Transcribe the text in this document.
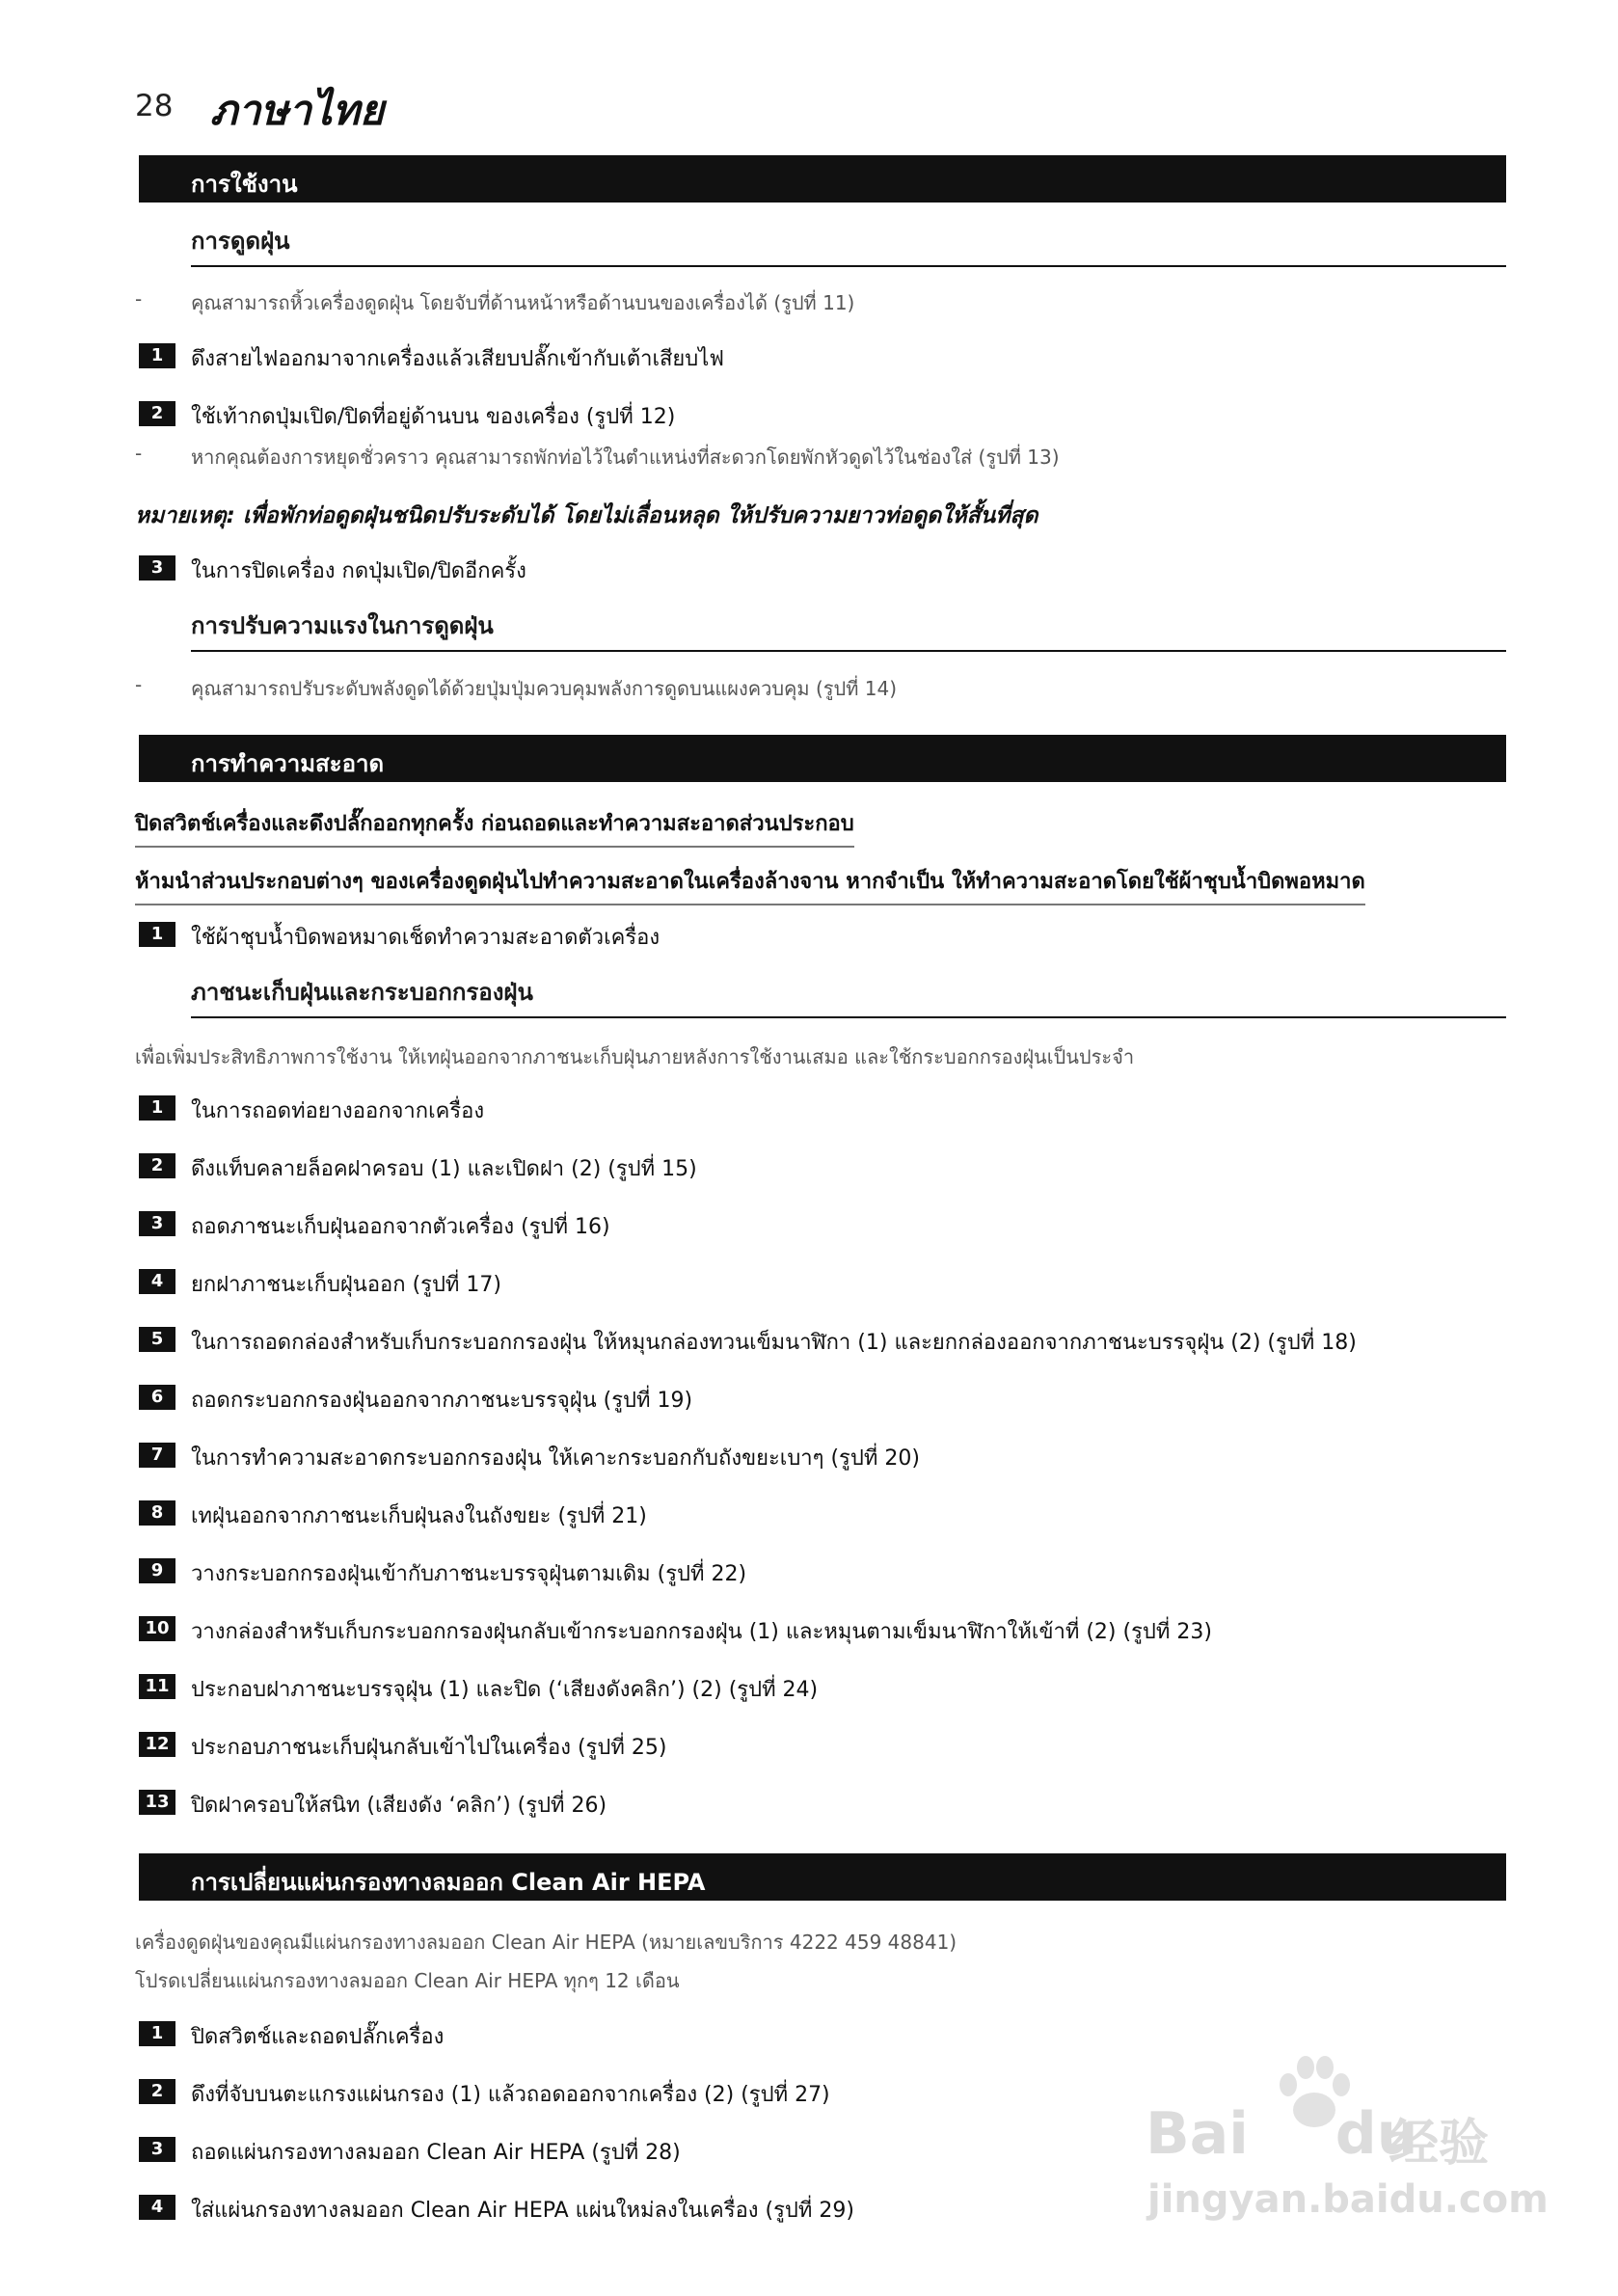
28 ภาษาไทย
การใช้งาน
การดูดฝุ่น
-	คุณสามารถหิ้วเครื่องดูดฝุ่น โดยจับที่ด้านหน้าหรือด้านบนของเครื่องได้ (รูปที่ 11)
1	ดึงสายไฟออกมาจากเครื่องแล้วเสียบปลั๊กเข้ากับเต้าเสียบไฟ
2	ใช้เท้ากดปุ่มเปิด/ปิดที่อยู่ด้านบน ของเครื่อง (รูปที่ 12)
-	หากคุณต้องการหยุดชั่วคราว คุณสามารถพักท่อไว้ในตำแหน่งที่สะดวกโดยพักหัวดูดไว้ในช่องใส่ (รูปที่ 13)
หมายเหตุ: เพื่อพักท่อดูดฝุ่นชนิดปรับระดับได้ โดยไม่เลื่อนหลุด ให้ปรับความยาวท่อดูดให้สั้นที่สุด
3	ในการปิดเครื่อง กดปุ่มเปิด/ปิดอีกครั้ง
การปรับความแรงในการดูดฝุ่น
-	คุณสามารถปรับระดับพลังดูดได้ด้วยปุ่มปุ่มควบคุมพลังการดูดบนแผงควบคุม (รูปที่ 14)
การทำความสะอาด
ปิดสวิตช์เครื่องและดึงปลั๊กออกทุกครั้ง ก่อนถอดและทำความสะอาดส่วนประกอบ
ห้ามนำส่วนประกอบต่างๆ ของเครื่องดูดฝุ่นไปทำความสะอาดในเครื่องล้างจาน หากจำเป็น ให้ทำความสะอาดโดยใช้ผ้าชุบน้ำบิดพอหมาด
1	ใช้ผ้าชุบน้ำบิดพอหมาดเช็ดทำความสะอาดตัวเครื่อง
ภาชนะเก็บฝุ่นและกระบอกกรองฝุ่น
เพื่อเพิ่มประสิทธิภาพการใช้งาน ให้เทฝุ่นออกจากภาชนะเก็บฝุ่นภายหลังการใช้งานเสมอ และใช้กระบอกกรองฝุ่นเป็นประจำ
1	ในการถอดท่อยางออกจากเครื่อง
2	ดึงแท็บคลายล็อคฝาครอบ (1) และเปิดฝา (2) (รูปที่ 15)
3	ถอดภาชนะเก็บฝุ่นออกจากตัวเครื่อง (รูปที่ 16)
4	ยกฝาภาชนะเก็บฝุ่นออก (รูปที่ 17)
5	ในการถอดกล่องสำหรับเก็บกระบอกกรองฝุ่น ให้หมุนกล่องทวนเข็มนาฬิกา (1) และยกกล่องออกจากภาชนะบรรจุฝุ่น (2) (รูปที่ 18)
6	ถอดกระบอกกรองฝุ่นออกจากภาชนะบรรจุฝุ่น (รูปที่ 19)
7	ในการทำความสะอาดกระบอกกรองฝุ่น ให้เคาะกระบอกกับถังขยะเบาๆ (รูปที่ 20)
8	เทฝุ่นออกจากภาชนะเก็บฝุ่นลงในถังขยะ (รูปที่ 21)
9	วางกระบอกกรองฝุ่นเข้ากับภาชนะบรรจุฝุ่นตามเดิม (รูปที่ 22)
10 วางกล่องสำหรับเก็บกระบอกกรองฝุ่นกลับเข้ากระบอกกรองฝุ่น (1) และหมุนตามเข็มนาฬิกาให้เข้าที่ (2) (รูปที่ 23)
11 ประกอบฝาภาชนะบรรจุฝุ่น (1) และปิด (‘เสียงดังคลิก’) (2) (รูปที่ 24)
12 ประกอบภาชนะเก็บฝุ่นกลับเข้าไปในเครื่อง (รูปที่ 25)
13 ปิดฝาครอบให้สนิท (เสียงดัง ‘คลิก’) (รูปที่ 26)
การเปลี่ยนแผ่นกรองทางลมออก Clean Air HEPA
เครื่องดูดฝุ่นของคุณมีแผ่นกรองทางลมออก Clean Air HEPA (หมายเลขบริการ 4222 459 48841)
โปรดเปลี่ยนแผ่นกรองทางลมออก Clean Air HEPA ทุกๆ 12 เดือน
1	ปิดสวิตช์และถอดปลั๊กเครื่อง
2	ดึงที่จับบนตะแกรงแผ่นกรอง (1) แล้วถอดออกจากเครื่อง (2) (รูปที่ 27)
3	ถอดแผ่นกรองทางลมออก Clean Air HEPA (รูปที่ 28)
4	ใส่แผ่นกรองทางลมออก Clean Air HEPA แผ่นใหม่ลงในเครื่อง (รูปที่ 29)
Bai du
经验
jingyan.baidu.com
